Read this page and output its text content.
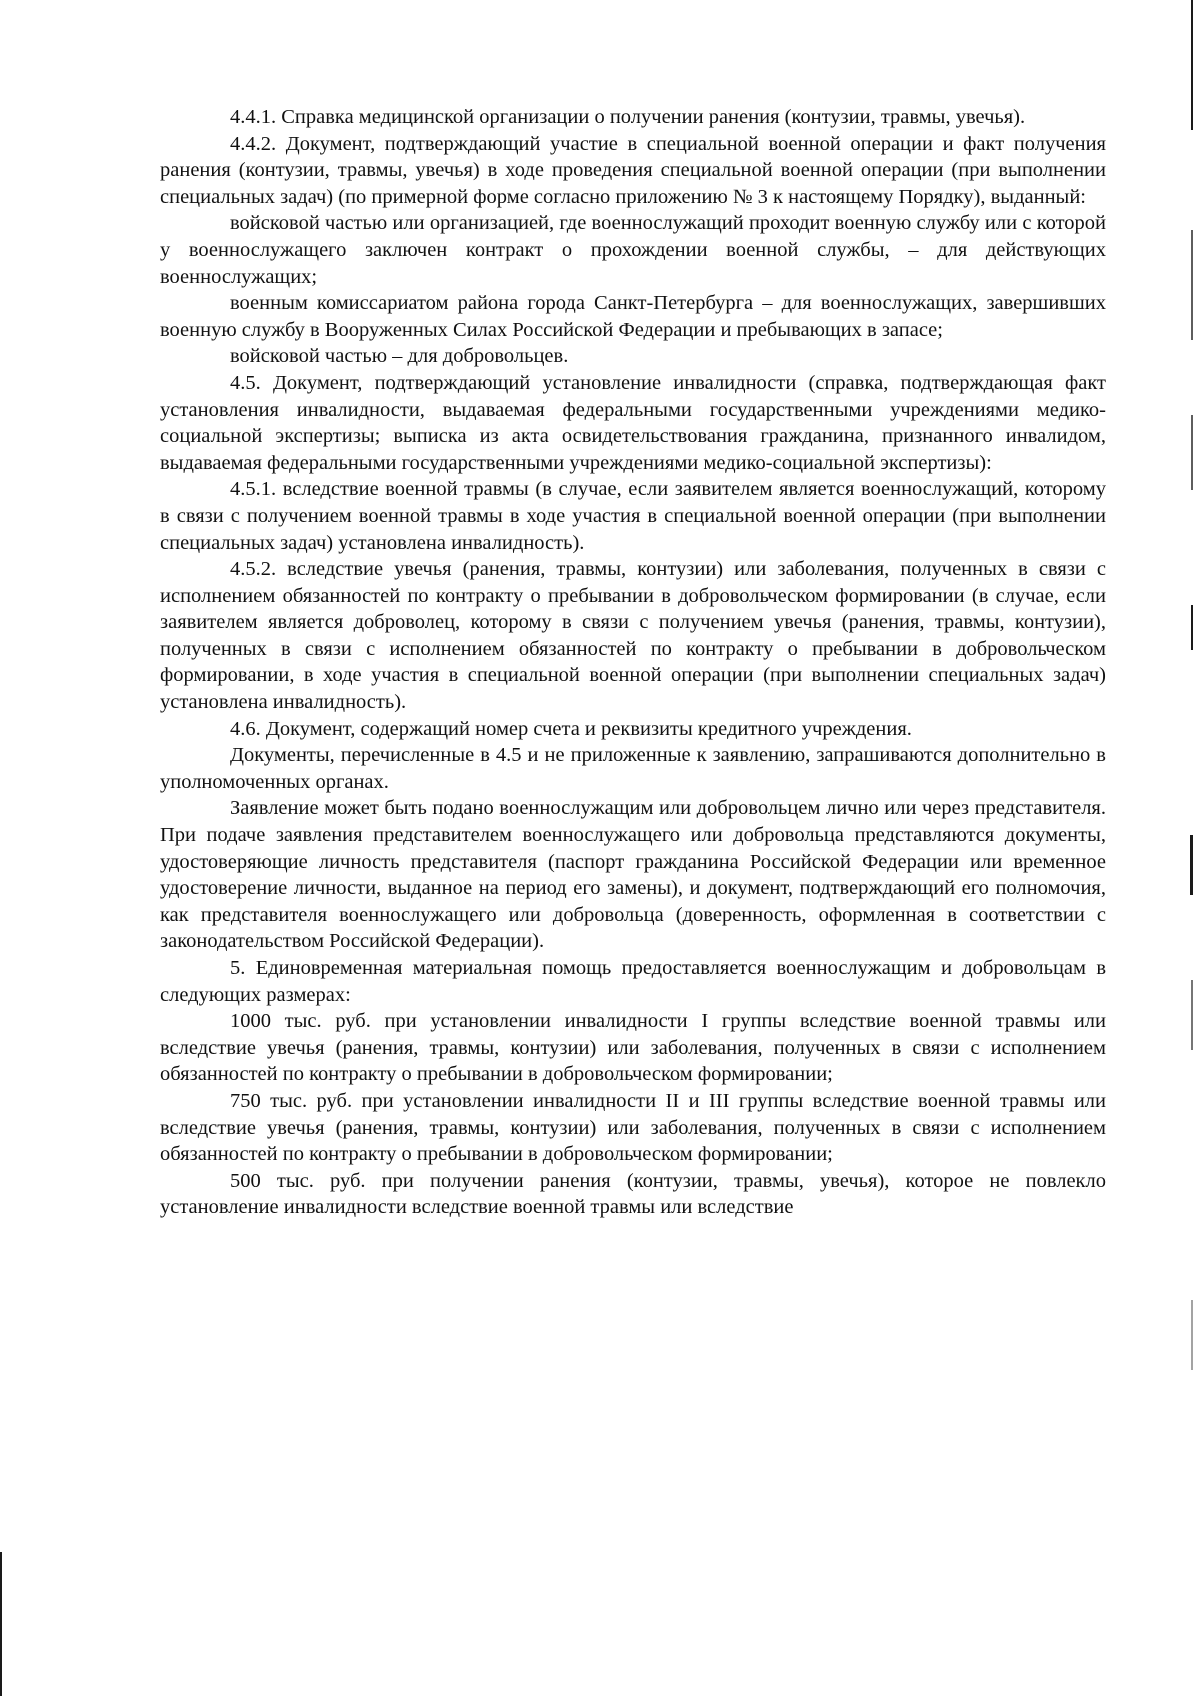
4.4.1. Справка медицинской организации о получении ранения (контузии, травмы, увечья).

4.4.2. Документ, подтверждающий участие в специальной военной операции и факт получения ранения (контузии, травмы, увечья) в ходе проведения специальной военной операции (при выполнении специальных задач) (по примерной форме согласно приложению № 3 к настоящему Порядку), выданный:

войсковой частью или организацией, где военнослужащий проходит военную службу или с которой у военнослужащего заключен контракт о прохождении военной службы, – для действующих военнослужащих;

военным комиссариатом района города Санкт-Петербурга – для военнослужащих, завершивших военную службу в Вооруженных Силах Российской Федерации и пребывающих в запасе;

войсковой частью – для добровольцев.

4.5. Документ, подтверждающий установление инвалидности (справка, подтверждающая факт установления инвалидности, выдаваемая федеральными государственными учреждениями медико-социальной экспертизы; выписка из акта освидетельствования гражданина, признанного инвалидом, выдаваемая федеральными государственными учреждениями медико-социальной экспертизы):

4.5.1. вследствие военной травмы (в случае, если заявителем является военнослужащий, которому в связи с получением военной травмы в ходе участия в специальной военной операции (при выполнении специальных задач) установлена инвалидность).

4.5.2. вследствие увечья (ранения, травмы, контузии) или заболевания, полученных в связи с исполнением обязанностей по контракту о пребывании в добровольческом формировании (в случае, если заявителем является доброволец, которому в связи с получением увечья (ранения, травмы, контузии), полученных в связи с исполнением обязанностей по контракту о пребывании в добровольческом формировании, в ходе участия в специальной военной операции (при выполнении специальных задач) установлена инвалидность).

4.6. Документ, содержащий номер счета и реквизиты кредитного учреждения.

Документы, перечисленные в 4.5 и не приложенные к заявлению, запрашиваются дополнительно в уполномоченных органах.

Заявление может быть подано военнослужащим или добровольцем лично или через представителя. При подаче заявления представителем военнослужащего или добровольца представляются документы, удостоверяющие личность представителя (паспорт гражданина Российской Федерации или временное удостоверение личности, выданное на период его замены), и документ, подтверждающий его полномочия, как представителя военнослужащего или добровольца (доверенность, оформленная в соответствии с законодательством Российской Федерации).

5. Единовременная материальная помощь предоставляется военнослужащим и добровольцам в следующих размерах:

1000 тыс. руб. при установлении инвалидности I группы вследствие военной травмы или вследствие увечья (ранения, травмы, контузии) или заболевания, полученных в связи с исполнением обязанностей по контракту о пребывании в добровольческом формировании;

750 тыс. руб. при установлении инвалидности II и III группы вследствие военной травмы или вследствие увечья (ранения, травмы, контузии) или заболевания, полученных в связи с исполнением обязанностей по контракту о пребывании в добровольческом формировании;

500 тыс. руб. при получении ранения (контузии, травмы, увечья), которое не повлекло установление инвалидности вследствие военной травмы или вследствие
